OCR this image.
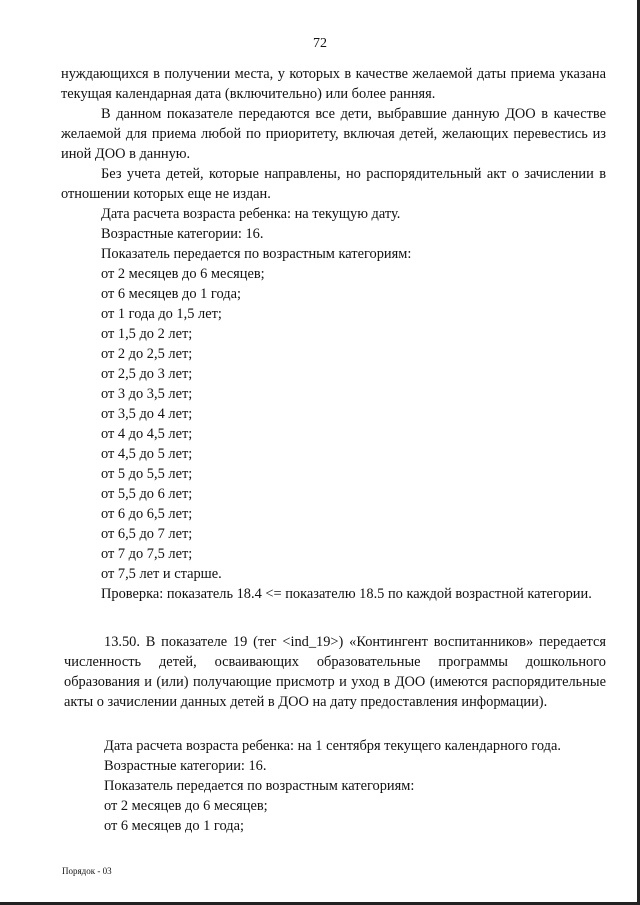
72

нуждающихся в получении места, у которых в качестве желаемой даты приема указана текущая календарная дата (включительно) или более ранняя.

В данном показателе передаются все дети, выбравшие данную ДОО в качестве желаемой для приема любой по приоритету, включая детей, желающих перевестись из иной ДОО в данную.

Без учета детей, которые направлены, но распорядительный акт о зачислении в отношении которых еще не издан.

Дата расчета возраста ребенка: на текущую дату.

Возрастные категории: 16.

Показатель передается по возрастным категориям:

от 2 месяцев до 6 месяцев;

от 6 месяцев до 1 года;

от 1 года до 1,5 лет;

от 1,5 до 2 лет;

от 2 до 2,5 лет;

от 2,5 до 3 лет;

от 3 до 3,5 лет;

от 3,5 до 4 лет;

от 4 до 4,5 лет;

от 4,5 до 5 лет;

от 5 до 5,5 лет;

от 5,5 до 6 лет;

от 6 до 6,5 лет;

от 6,5 до 7 лет;

от 7 до 7,5 лет;

от 7,5 лет и старше.

Проверка: показатель 18.4 <= показателю 18.5 по каждой возрастной категории.

13.50. В показателе 19 (тег <ind_19>) «Контингент воспитанников» передается численность детей, осваивающих образовательные программы дошкольного образования и (или) получающие присмотр и уход в ДОО (имеются распорядительные акты о зачислении данных детей в ДОО на дату предоставления информации).

Дата расчета возраста ребенка: на 1 сентября текущего календарного года.

Возрастные категории: 16.

Показатель передается по возрастным категориям:

от 2 месяцев до 6 месяцев;

от 6 месяцев до 1 года;

Порядок - 03
